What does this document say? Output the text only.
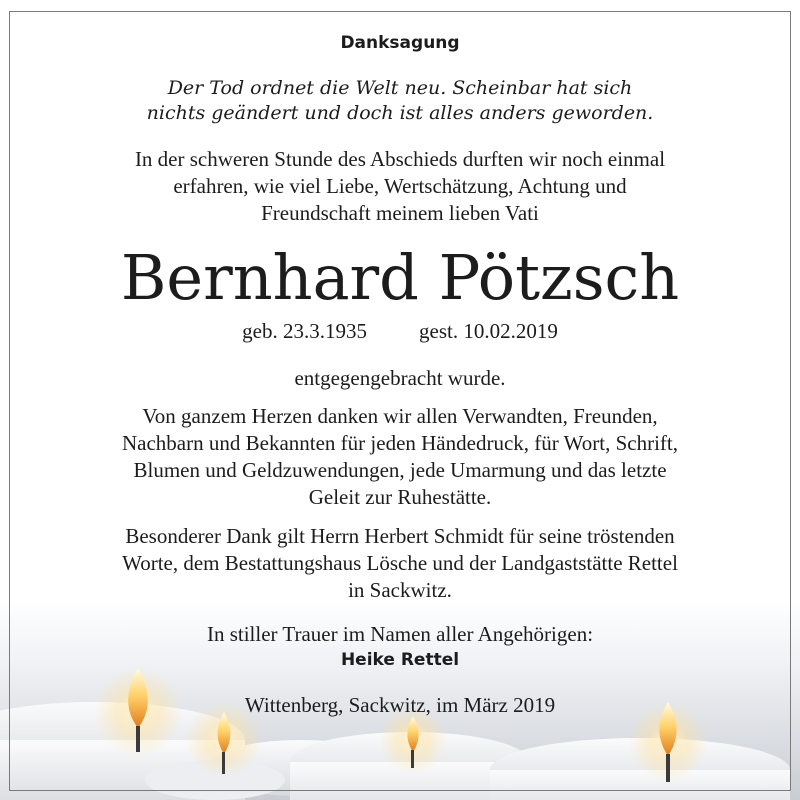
Danksagung
Der Tod ordnet die Welt neu. Scheinbar hat sich
nichts geändert und doch ist alles anders geworden.
In der schweren Stunde des Abschieds durften wir noch einmal
erfahren, wie viel Liebe, Wertschätzung, Achtung und
Freundschaft meinem lieben Vati
Bernhard Pötzsch
geb. 23.3.1935 gest. 10.02.2019
entgegengebracht wurde.
Von ganzem Herzen danken wir allen Verwandten, Freunden,
Nachbarn und Bekannten für jeden Händedruck, für Wort, Schrift,
Blumen und Geldzuwendungen, jede Umarmung und das letzte
Geleit zur Ruhestätte.
Besonderer Dank gilt Herrn Herbert Schmidt für seine tröstenden
Worte, dem Bestattungshaus Lösche und der Landgaststätte Rettel
in Sackwitz.
In stiller Trauer im Namen aller Angehörigen:
Heike Rettel
Wittenberg, Sackwitz, im März 2019
